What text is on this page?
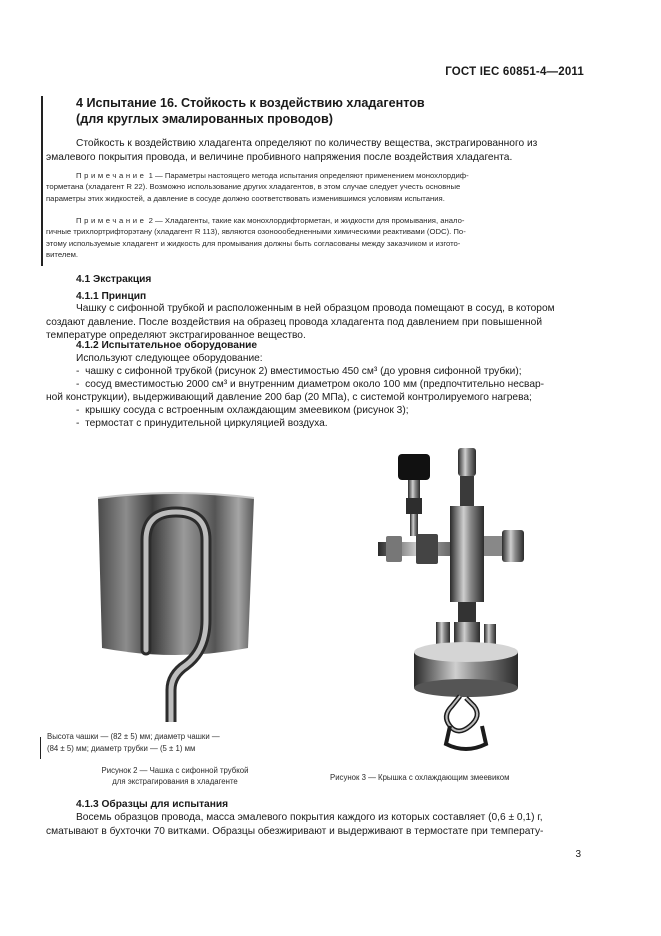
ГОСТ IEC 60851-4—2011
4 Испытание 16. Стойкость к воздействию хладагентов
(для круглых эмалированных проводов)
Стойкость к воздействию хладагента определяют по количеству вещества, экстрагированного из
эмалевого покрытия провода, и величине пробивного напряжения после воздействия хладагента.
Примечание 1 — Параметры настоящего метода испытания определяют применением монохлордиф-
торметана (хладагент R 22). Возможно использование других хладагентов, в этом случае следует учесть основные
параметры этих жидкостей, а давление в сосуде должно соответствовать изменившимся условиям испытания.
Примечание 2 — Хладагенты, такие как монохлордифторметан, и жидкости для промывания, анало-
гичные трихлортрифторэтану (хладагент R 113), являются озоноообедненными химическими реактивами (ODC). По-
этому используемые хладагент и жидкость для промывания должны быть согласованы между заказчиком и изгото-
вителем.
4.1 Экстракция
4.1.1 Принцип
Чашку с сифонной трубкой и расположенным в ней образцом провода помещают в сосуд, в котором
создают давление. После воздействия на образец провода хладагента под давлением при повышенной
температуре определяют экстрагированное вещество.
4.1.2 Испытательное оборудование
Используют следующее оборудование:
- чашку с сифонной трубкой (рисунок 2) вместимостью 450 см³ (до уровня сифонной трубки);
- сосуд вместимостью 2000 см³ и внутренним диаметром около 100 мм (предпочтительно несвар-
ной конструкции), выдерживающий давление 200 бар (20 МПа), с системой контролируемого нагрева;
- крышку сосуда с встроенным охлаждающим змеевиком (рисунок 3);
- термостат с принудительной циркуляцией воздуха.
Высота чашки — (82 ± 5) мм; диаметр чашки —
(84 ± 5) мм; диаметр трубки — (5 ± 1) мм
Рисунок 2 — Чашка с сифонной трубкой
для экстрагирования в хладагенте	Рисунок 3 — Крышка с охлаждающим змеевиком
4.1.3 Образцы для испытания
Восемь образцов провода, масса эмалевого покрытия каждого из которых составляет (0,6 ± 0,1) г,
сматывают в бухточки 70 витками. Образцы обезжиривают и выдерживают в термостате при температу-
3
